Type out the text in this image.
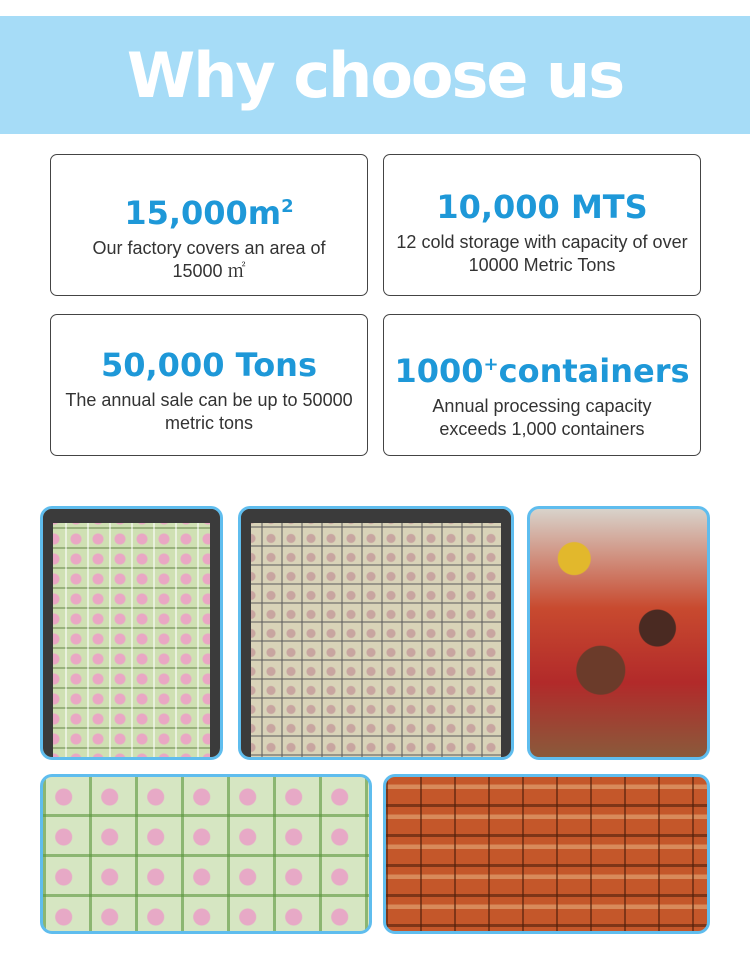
Why choose us
$15,000m^2$
Our factory covers an area of
15000 ㎡
10,000 MTS
12 cold storage with capacity of over
10000 Metric Tons
50,000 Tons
The annual sale can be up to 50000
metric tons
1000+containers
Annual processing capacity
exceeds 1,000 containers
